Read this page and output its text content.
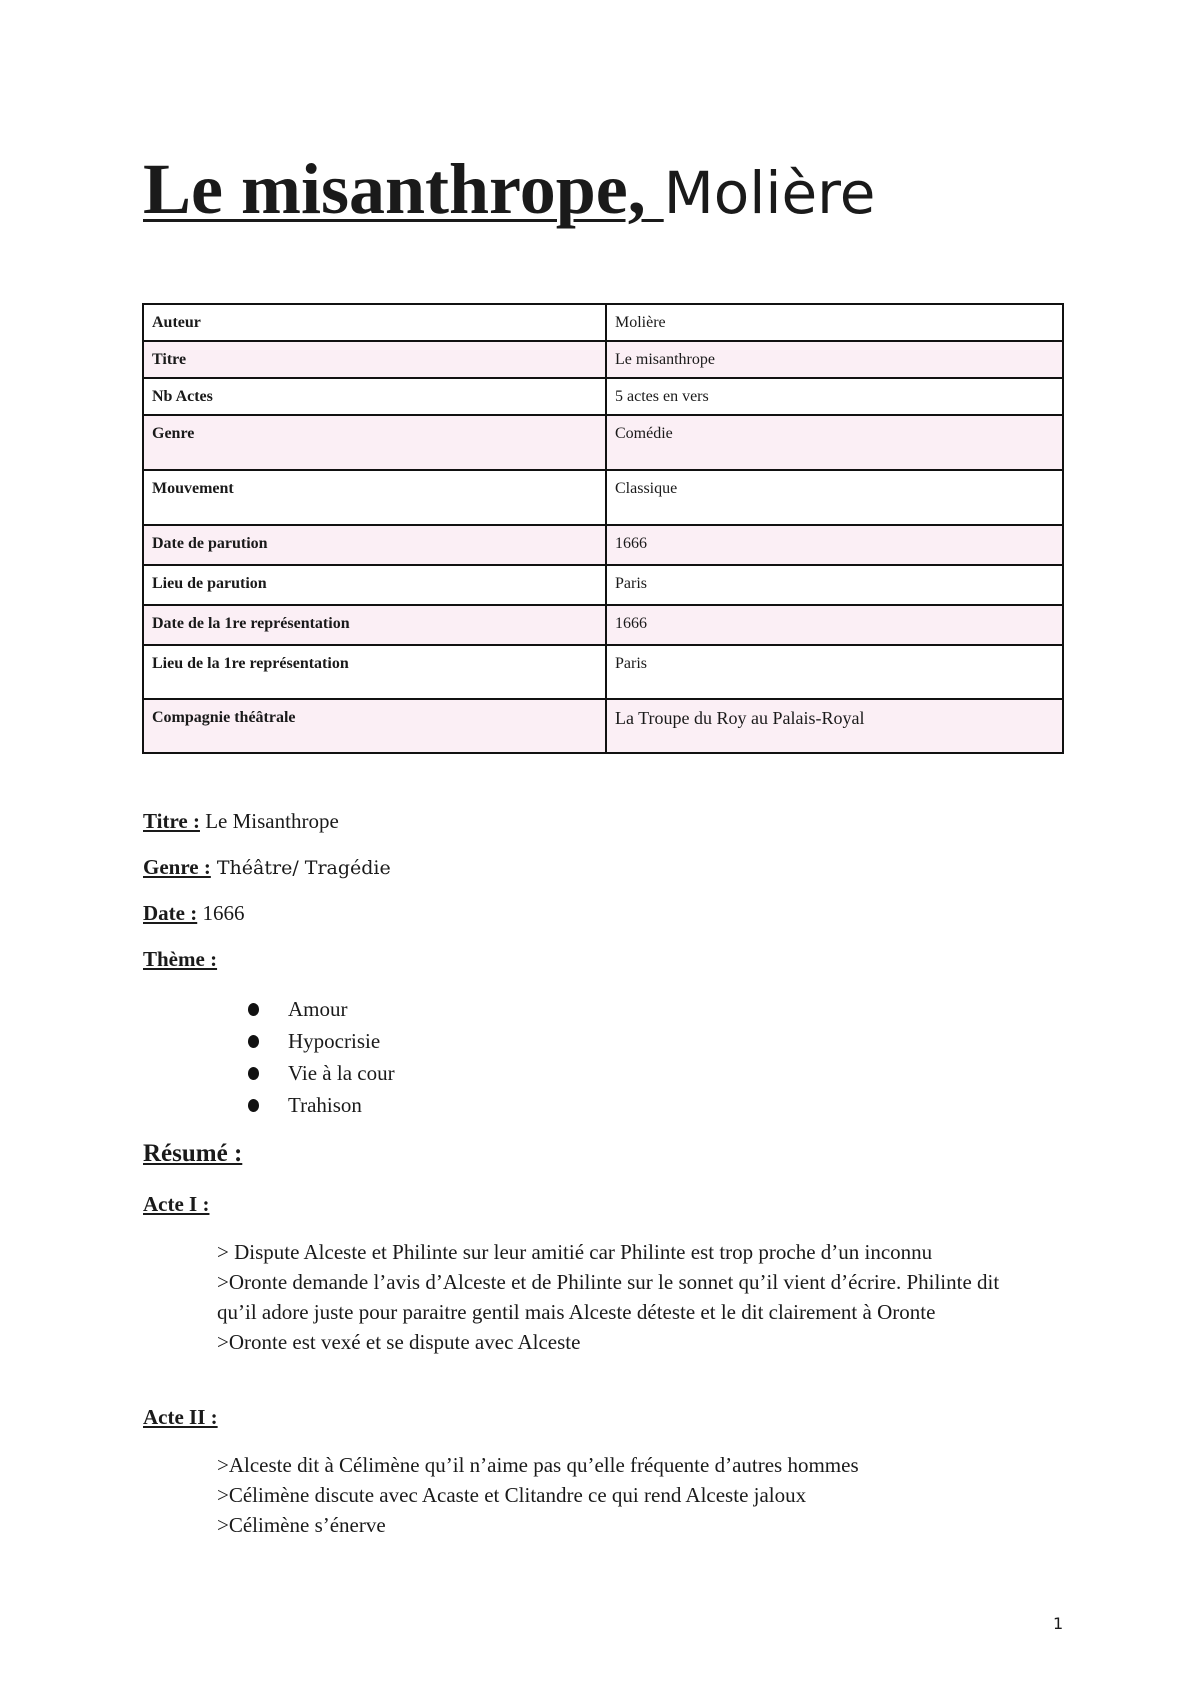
Le misanthrope, Molière
Auteur	Molière
Titre	Le misanthrope
Nb Actes	5 actes en vers
Genre	Comédie
Mouvement	Classique
Date de parution	1666
Lieu de parution	Paris
Date de la 1re représentation	1666
Lieu de la 1re représentation	Paris
Compagnie théâtrale	La Troupe du Roy au Palais-Royal
Titre : Le Misanthrope
Genre : Théâtre/ Tragédie
Date : 1666
Thème :
Amour
Hypocrisie
Vie à la cour
Trahison
Résumé :
Acte I :

> Dispute Alceste et Philinte sur leur amitié car Philinte est trop proche d’un inconnu

>Oronte demande l’avis d’Alceste et de Philinte sur le sonnet qu’il vient d’écrire. Philinte dit qu’il adore juste pour paraitre gentil mais Alceste déteste et le dit clairement à Oronte

>Oronte est vexé et se dispute avec Alceste

Acte II :

>Alceste dit à Célimène qu’il n’aime pas qu’elle fréquente d’autres hommes

>Célimène discute avec Acaste et Clitandre ce qui rend Alceste jaloux

>Célimène s’énerve

1
